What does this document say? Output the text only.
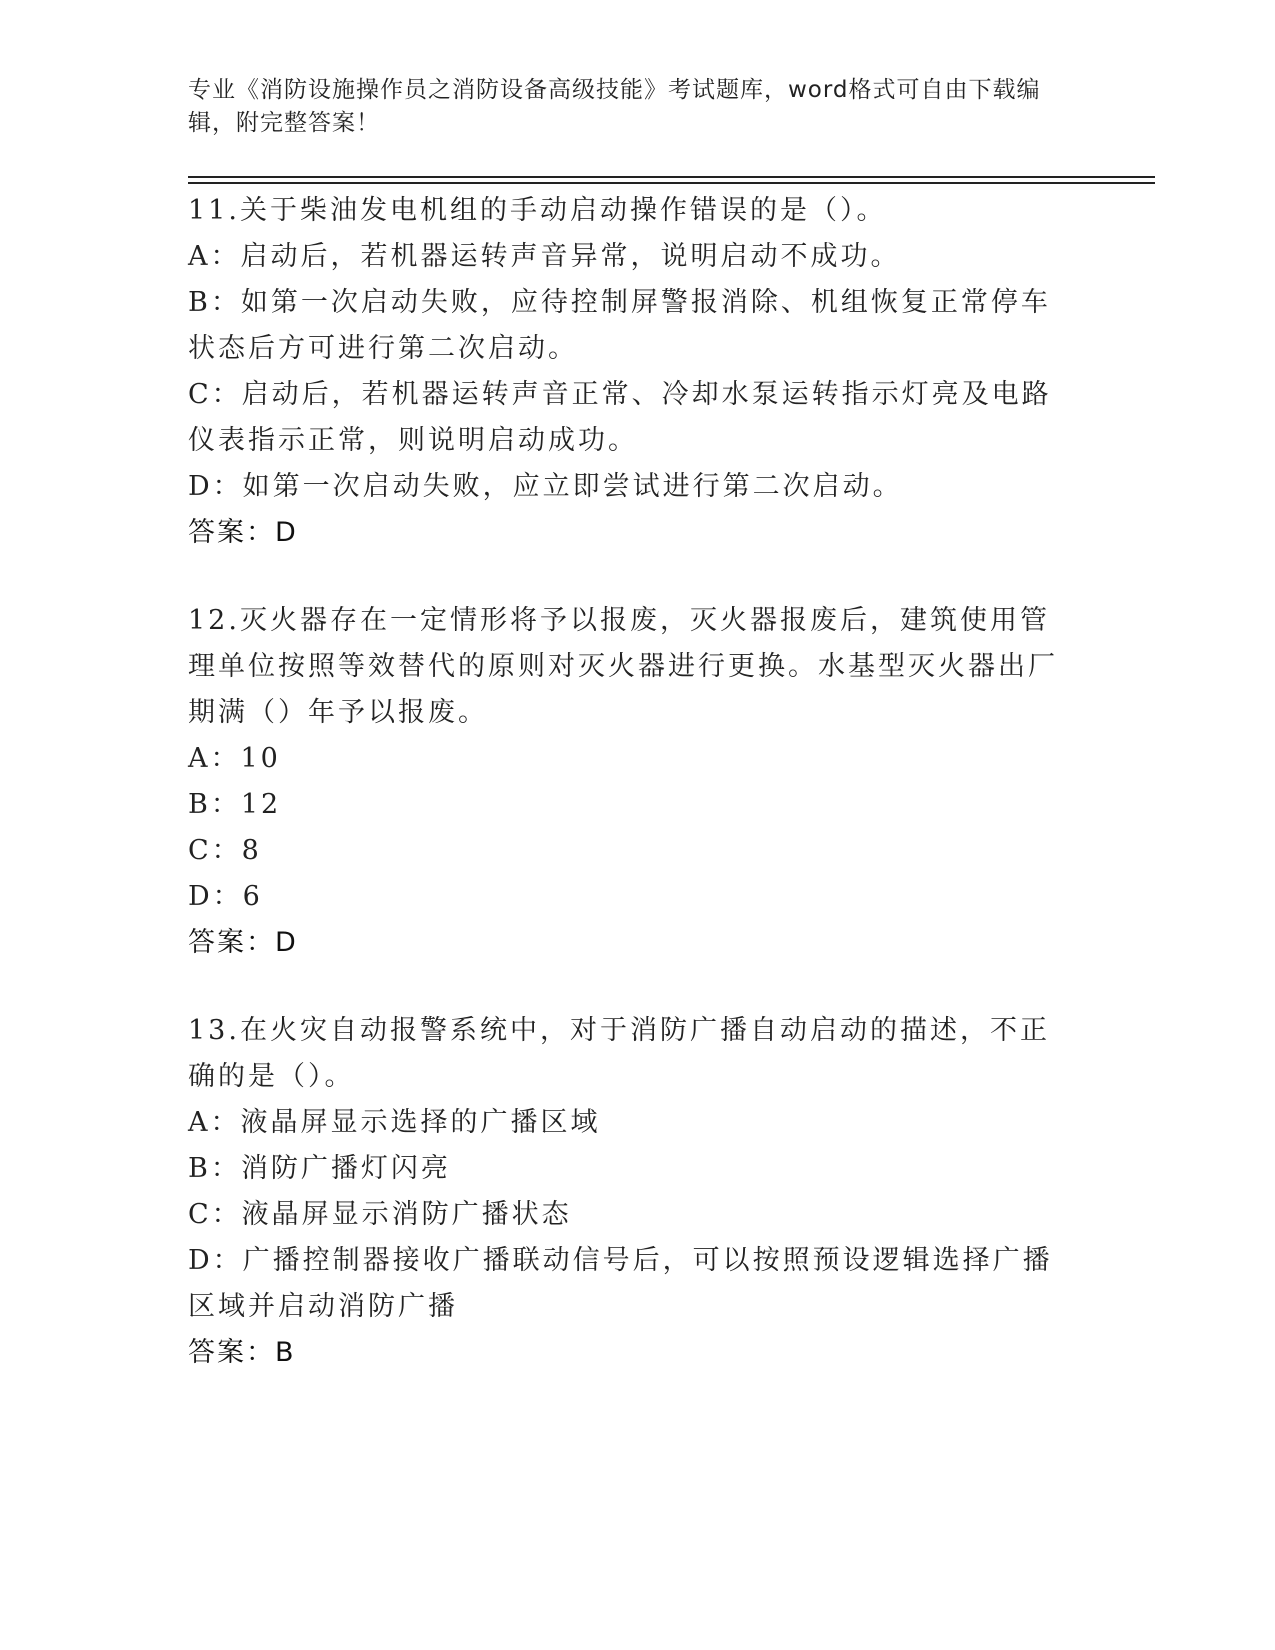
专业《消防设施操作员之消防设备高级技能》考试题库，word格式可自由下载编辑，附完整答案！
11.关于柴油发电机组的手动启动操作错误的是（）。
A：启动后，若机器运转声音异常，说明启动不成功。
B：如第一次启动失败，应待控制屏警报消除、机组恢复正常停车状态后方可进行第二次启动。
C：启动后，若机器运转声音正常、冷却水泵运转指示灯亮及电路仪表指示正常，则说明启动成功。
D：如第一次启动失败，应立即尝试进行第二次启动。
答案：D
12.灭火器存在一定情形将予以报废，灭火器报废后，建筑使用管理单位按照等效替代的原则对灭火器进行更换。水基型灭火器出厂期满（）年予以报废。
A：10
B：12
C：8
D：6
答案：D
13.在火灾自动报警系统中，对于消防广播自动启动的描述，不正确的是（）。
A：液晶屏显示选择的广播区域
B：消防广播灯闪亮
C：液晶屏显示消防广播状态
D：广播控制器接收广播联动信号后，可以按照预设逻辑选择广播区域并启动消防广播
答案：B
